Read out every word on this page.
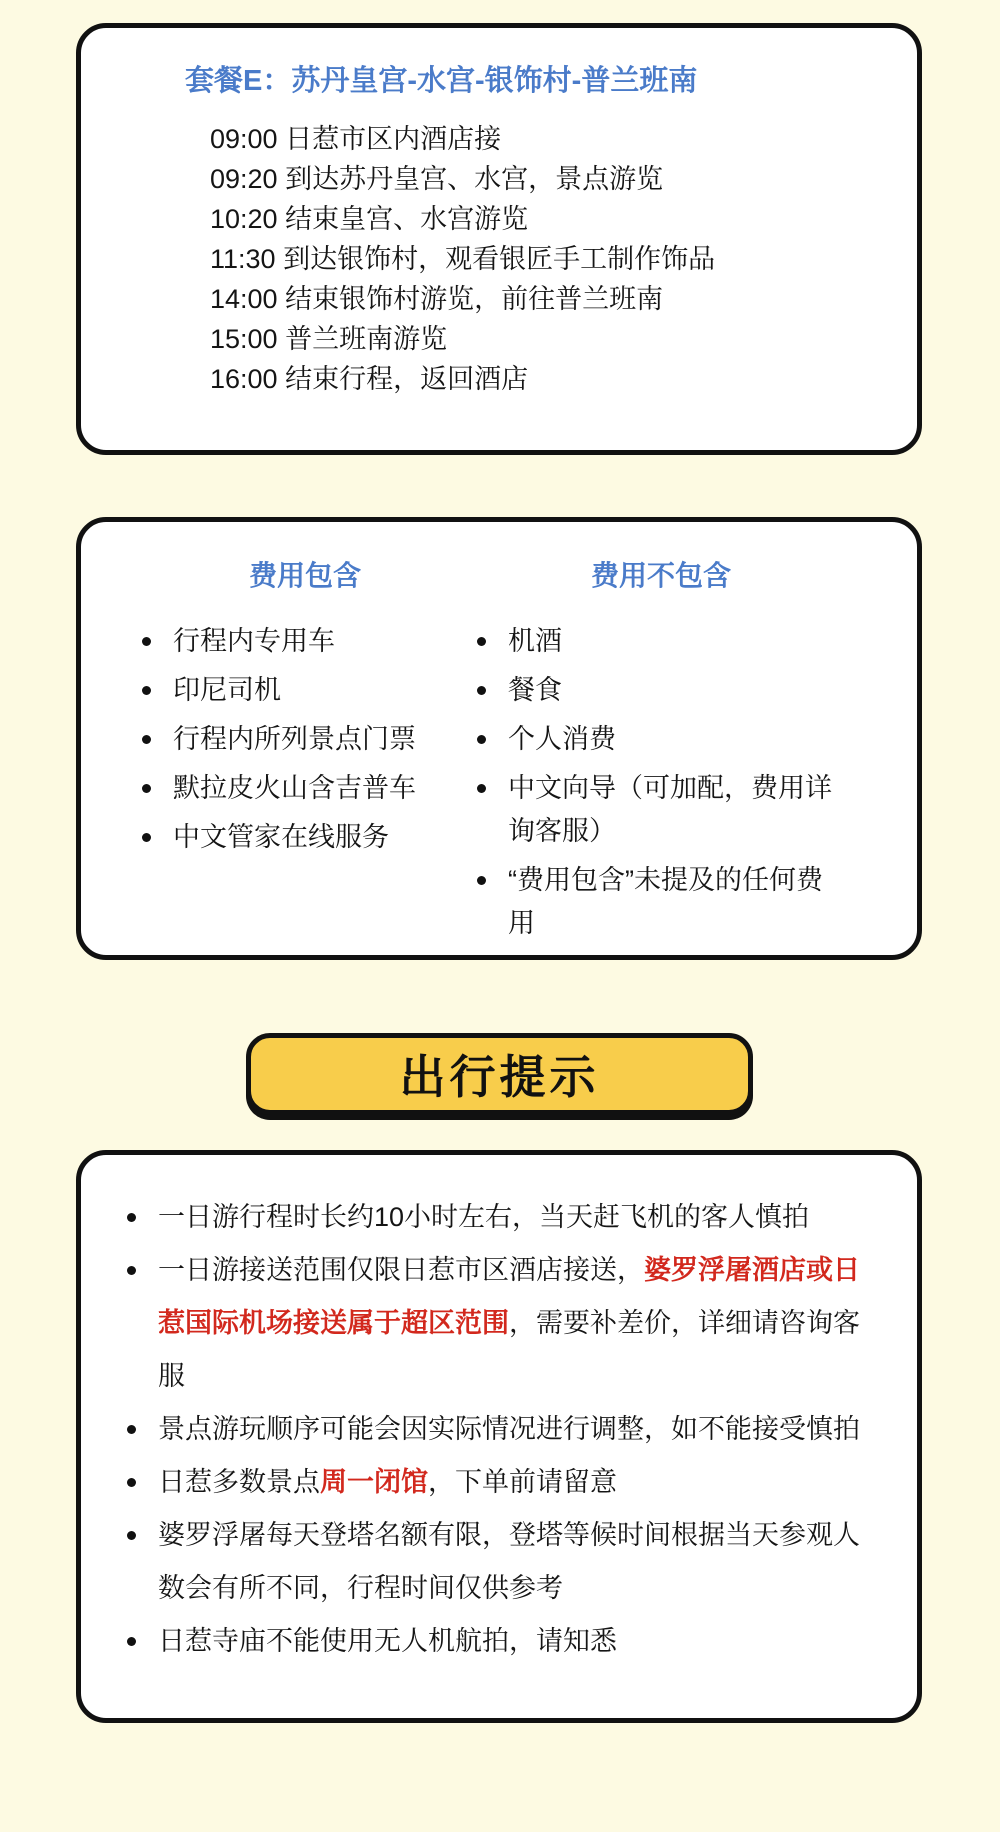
套餐E：苏丹皇宫-水宫-银饰村-普兰班南
09:00 日惹市区内酒店接
09:20 到达苏丹皇宫、水宫，景点游览
10:20 结束皇宫、水宫游览
11:30 到达银饰村，观看银匠手工制作饰品
14:00 结束银饰村游览，前往普兰班南
15:00 普兰班南游览
16:00 结束行程，返回酒店
费用包含
行程内专用车
印尼司机
行程内所列景点门票
默拉皮火山含吉普车
中文管家在线服务
费用不包含
机酒
餐食
个人消费
中文向导（可加配，费用详询客服）
“费用包含”未提及的任何费用
出行提示
一日游行程时长约10小时左右，当天赶飞机的客人慎拍
一日游接送范围仅限日惹市区酒店接送，婆罗浮屠酒店或日惹国际机场接送属于超区范围，需要补差价，详细请咨询客服
景点游玩顺序可能会因实际情况进行调整，如不能接受慎拍
日惹多数景点周一闭馆，下单前请留意
婆罗浮屠每天登塔名额有限，登塔等候时间根据当天参观人数会有所不同，行程时间仅供参考
日惹寺庙不能使用无人机航拍，请知悉
